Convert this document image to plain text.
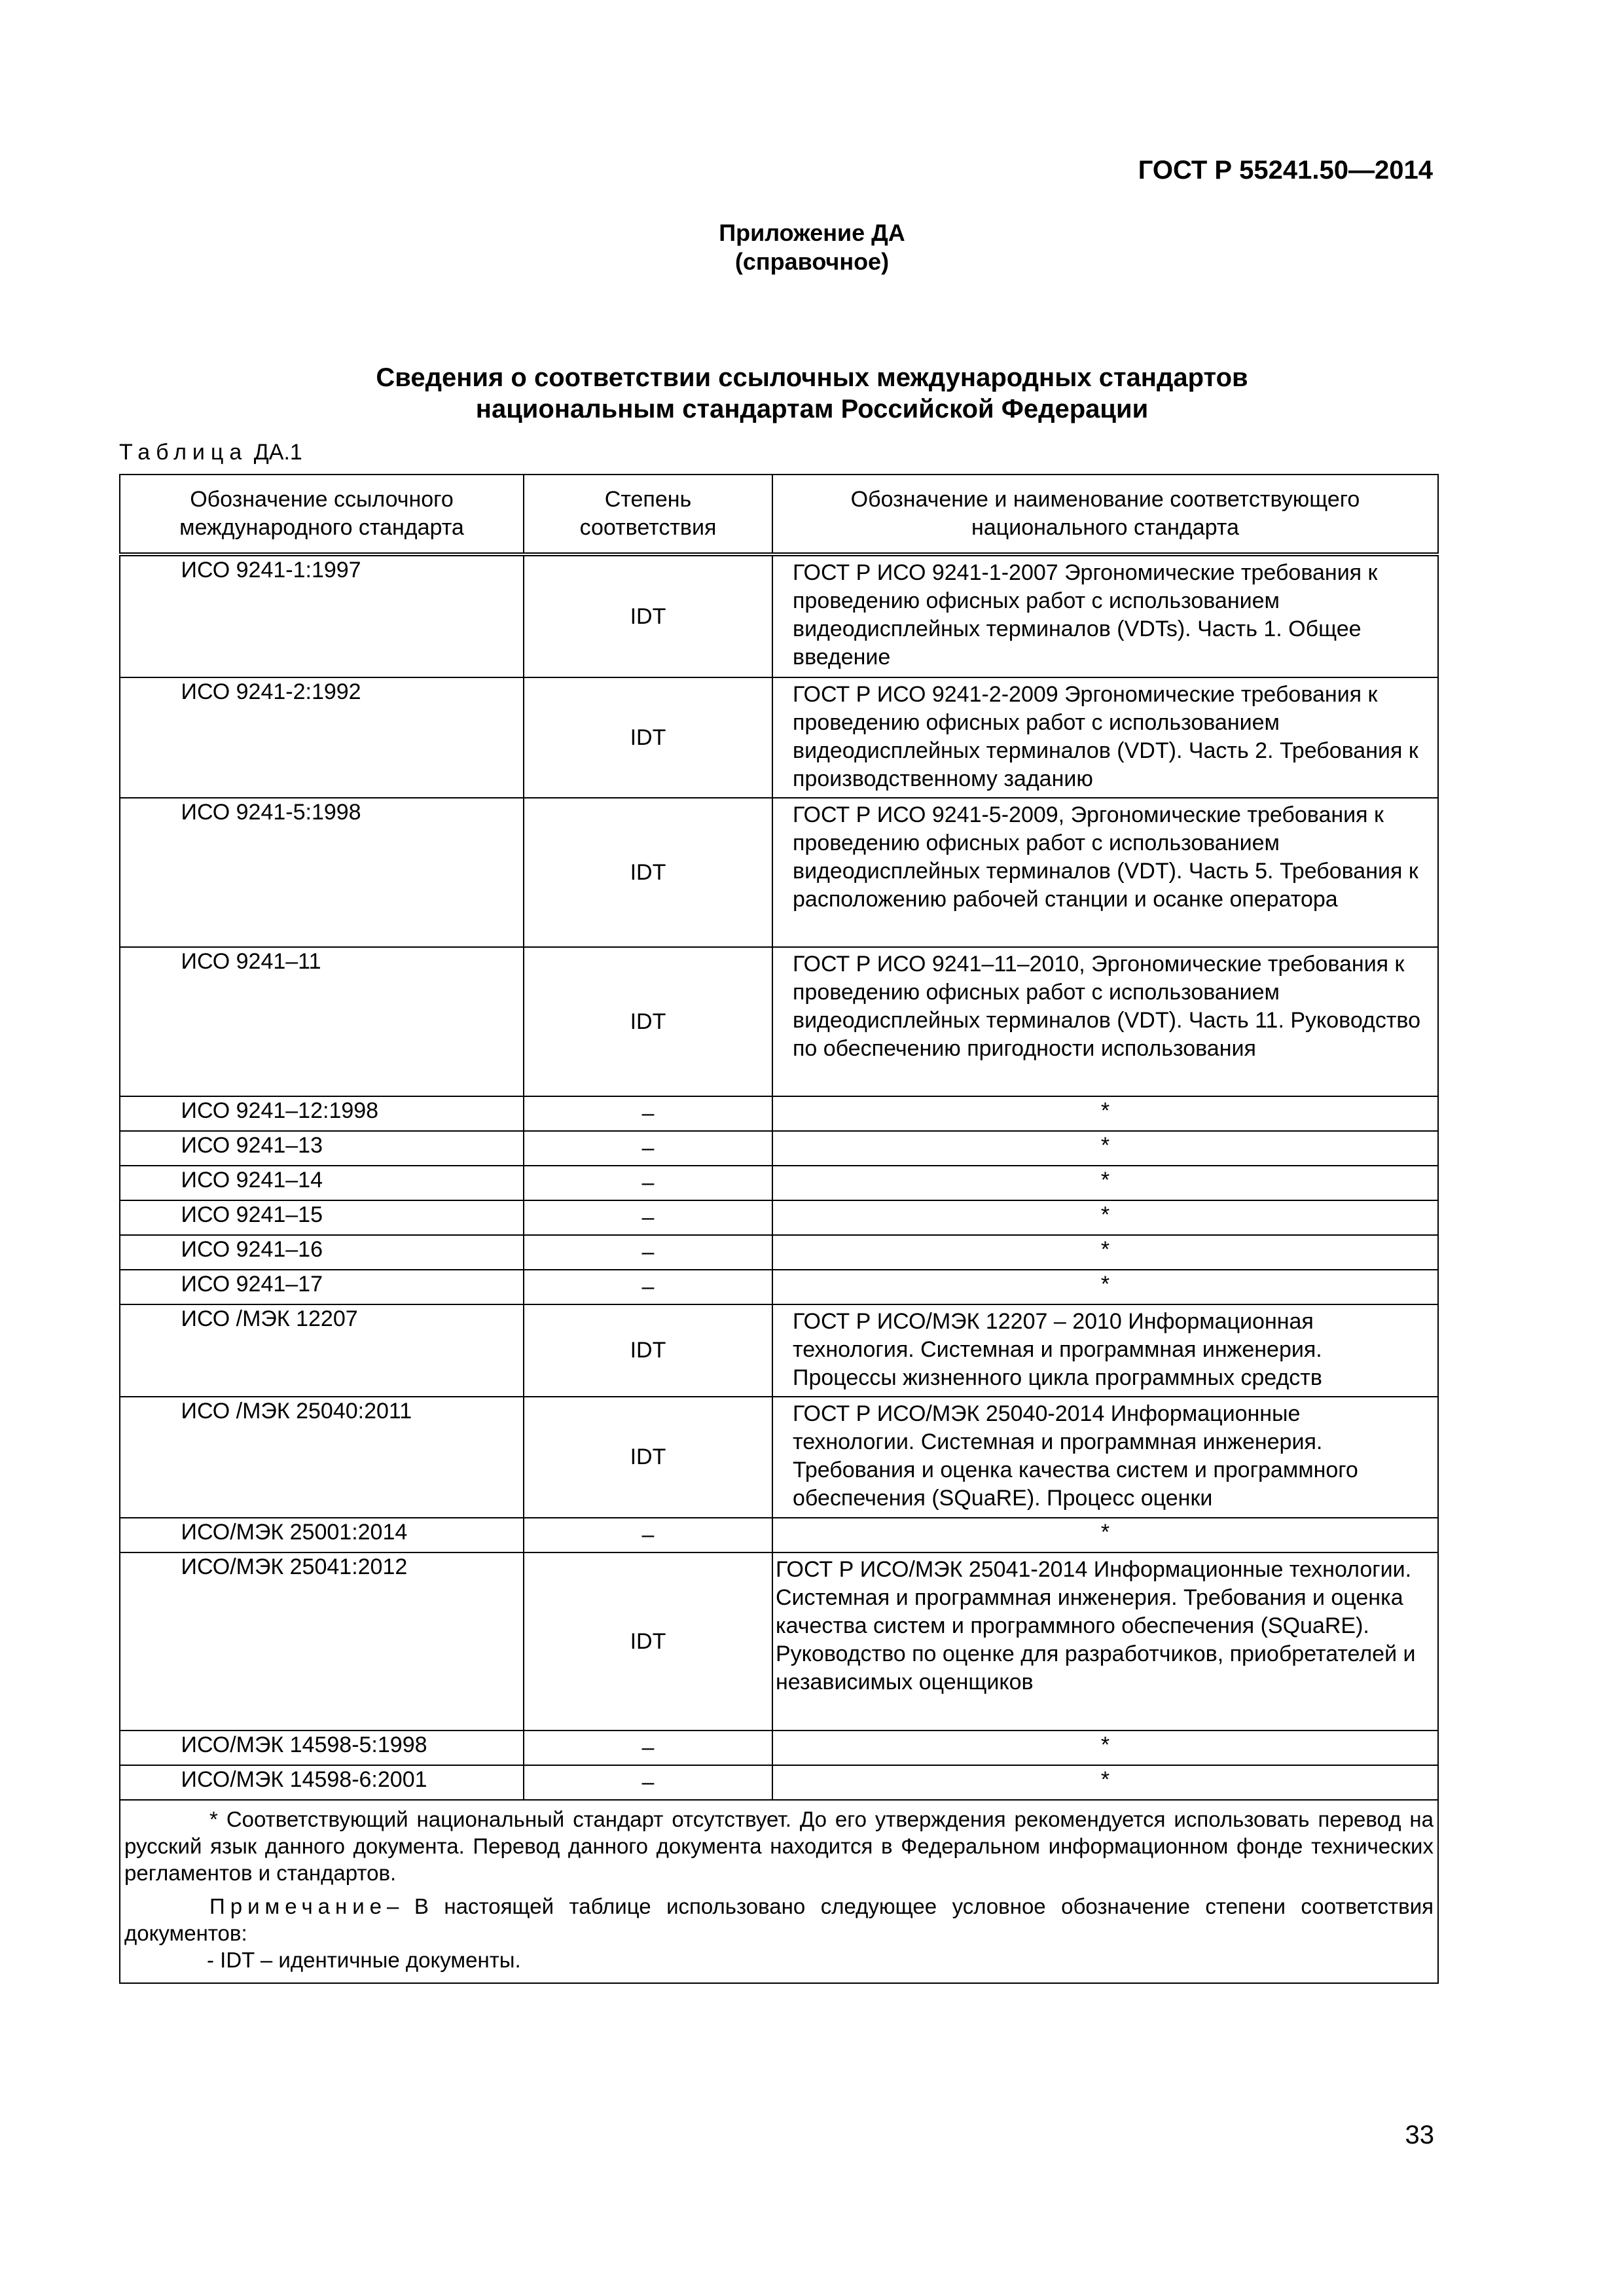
ГОСТ Р 55241.50—2014
Приложение ДА
(справочное)
Сведения о соответствии ссылочных международных стандартов
национальным стандартам Российской Федерации
Таблица ДА.1
Обозначение ссылочного международного стандарта	Степень соответствия	Обозначение и наименование соответствующего национального стандарта
ИСО 9241-1:1997	IDT	ГОСТ Р ИСО 9241-1-2007 Эргономические требования к проведению офисных работ с использованием видеодисплейных терминалов (VDTs). Часть 1. Общее введение
ИСО 9241-2:1992	IDT	ГОСТ Р ИСО 9241-2-2009 Эргономические требования к проведению офисных работ с использованием видеодисплейных терминалов (VDT). Часть 2. Требования к производственному заданию
ИСО 9241-5:1998	IDT	ГОСТ Р ИСО 9241-5-2009, Эргономические требования к проведению офисных работ с использованием видеодисплейных терминалов (VDT). Часть 5. Требования к расположению рабочей станции и осанке оператора
ИСО 9241–11	IDT	ГОСТ Р ИСО 9241–11–2010, Эргономические требования к проведению офисных работ с использованием видеодисплейных терминалов (VDT). Часть 11. Руководство по обеспечению пригодности использования
ИСО 9241–12:1998	–	*
ИСО 9241–13	–	*
ИСО 9241–14	–	*
ИСО 9241–15	–	*
ИСО 9241–16	–	*
ИСО 9241–17	–	*
ИСО /МЭК 12207	IDT	ГОСТ Р ИСО/МЭК 12207 – 2010 Информационная технология. Системная и программная инженерия. Процессы жизненного цикла программных средств
ИСО /МЭК 25040:2011	IDT	ГОСТ Р ИСО/МЭК 25040-2014 Информационные технологии. Системная и программная инженерия. Требования и оценка качества систем и программного обеспечения (SQuaRE). Процесс оценки
ИСО/МЭК 25001:2014	–	*
ИСО/МЭК 25041:2012	IDT	ГОСТ Р ИСО/МЭК 25041-2014 Информационные технологии. Системная и программная инженерия. Требования и оценка качества систем и программного обеспечения (SQuaRE). Руководство по оценке для разработчиков, приобретателей и независимых оценщиков
ИСО/МЭК 14598-5:1998	–	*
ИСО/МЭК 14598-6:2001	–	*

* Соответствующий национальный стандарт отсутствует. До его утверждения рекомендуется использовать перевод на русский язык данного документа. Перевод данного документа находится в Федеральном информационном фонде технических регламентов и стандартов.

Примечание– В настоящей таблице использовано следующее условное обозначение степени соответствия документов:

- IDT – идентичные документы.		

33
